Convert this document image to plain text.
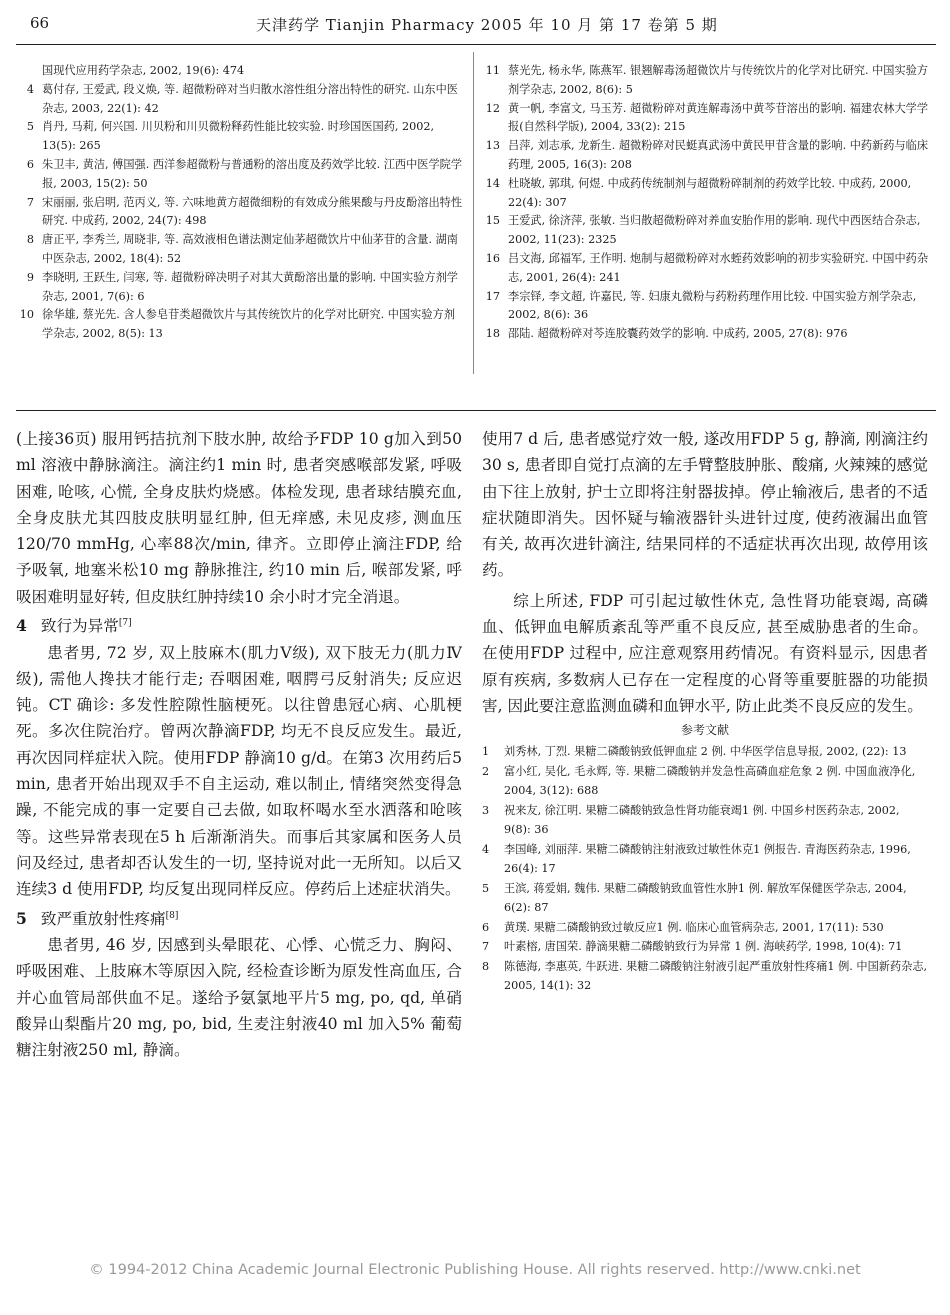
66	天津药学 Tianjin Pharmacy 2005 年 10 月 第 17 卷第 5 期
国现代应用药学杂志, 2002, 19(6): 474
4 葛付存, 王爱武, 段义焕, 等. 超微粉碎对当归散水溶性组分溶出特性的研究. 山东中医杂志, 2003, 22(1): 42
5 肖丹, 马莉, 何兴国. 川贝粉和川贝微粉释药性能比较实验. 时珍国医国药, 2002, 13(5): 265
6 朱卫丰, 黄洁, 傅国强. 西洋参超微粉与普通粉的溶出度及药效学比较. 江西中医学院学报, 2003, 15(2): 50
7 宋丽丽, 张启明, 范丙义, 等. 六味地黄方超微细粉的有效成分熊果酸与丹皮酚溶出特性研究. 中成药, 2002, 24(7): 498
8 唐正平, 李秀兰, 周晓非, 等. 高效液相色谱法测定仙茅超微饮片中仙茅苷的含量. 湖南中医杂志, 2002, 18(4): 52
9 李晓明, 王跃生, 闫寒, 等. 超微粉碎决明子对其大黄酚溶出量的影响. 中国实验方剂学杂志, 2001, 7(6): 6
10 徐华雄, 蔡光先. 含人参皂苷类超微饮片与其传统饮片的化学对比研究. 中国实验方剂学杂志, 2002, 8(5): 13
11 蔡光先, 杨永华, 陈燕军. 银翘解毒汤超微饮片与传统饮片的化学对比研究. 中国实验方剂学杂志, 2002, 8(6): 5
12 黄一帆, 李富文, 马玉芳. 超微粉碎对黄连解毒汤中黄芩苷溶出的影响. 福建农林大学学报(自然科学版), 2004, 33(2): 215
13 吕萍, 刘志承, 龙新生. 超微粉碎对民蜓真武汤中黄民甲苷含量的影响. 中药新药与临床药理, 2005, 16(3): 208
14 杜晓敏, 郭琪, 何煜. 中成药传统制剂与超微粉碎制剂的药效学比较. 中成药, 2000, 22(4): 307
15 王爱武, 徐济萍, 张敏. 当归散超微粉碎对养血安胎作用的影响. 现代中西医结合杂志, 2002, 11(23): 2325
16 吕文海, 邱福军, 王作明. 炮制与超微粉碎对水蛭药效影响的初步实验研究. 中国中药杂志, 2001, 26(4): 241
17 李宗铎, 李文超, 许嘉民, 等. 妇康丸微粉与药粉药理作用比较. 中国实验方剂学杂志, 2002, 8(6): 36
18 邵陆. 超微粉碎对芩连胶囊药效学的影响. 中成药, 2005, 27(8): 976

(上接36页) 服用钙拮抗剂下肢水肿, 故给予FDP 10 g加入到50 ml 溶液中静脉滴注。滴注约1 min 时, 患者突感喉部发紧, 呼吸困难, 呛咳, 心慌, 全身皮肤灼烧感。体检发现, 患者球结膜充血, 全身皮肤尤其四肢皮肤明显红肿, 但无痒感, 未见皮疹, 测血压120/70 mmHg, 心率88次/min, 律齐。立即停止滴注FDP, 给予吸氧, 地塞米松10 mg 静脉推注, 约10 min 后, 喉部发紧, 呼吸困难明显好转, 但皮肤红肿持续10 余小时才完全消退。

4 致行为异常[7]

患者男, 72 岁, 双上肢麻木(肌力Ⅴ级), 双下肢无力(肌力Ⅳ级), 需他人搀扶才能行走; 吞咽困难, 咽腭弓反射消失; 反应迟钝。CT 确诊: 多发性腔隙性脑梗死。以往曾患冠心病、心肌梗死。多次住院治疗。曾两次静滴FDP, 均无不良反应发生。最近, 再次因同样症状入院。使用FDP 静滴10 g/d。在第3 次用药后5 min, 患者开始出现双手不自主运动, 难以制止, 情绪突然变得急躁, 不能完成的事一定要自己去做, 如取杯喝水至水洒落和呛咳等。这些异常表现在5 h 后渐渐消失。而事后其家属和医务人员问及经过, 患者却否认发生的一切, 坚持说对此一无所知。以后又连续3 d 使用FDP, 均反复出现同样反应。停药后上述症状消失。

5 致严重放射性疼痛[8]

患者男, 46 岁, 因感到头晕眼花、心悸、心慌乏力、胸闷、呼吸困难、上肢麻木等原因入院, 经检查诊断为原发性高血压, 合并心血管局部供血不足。遂给予氨氯地平片5 mg, po, qd, 单硝酸异山梨酯片20 mg, po, bid, 生麦注射液40 ml 加入5% 葡萄糖注射液250 ml, 静滴。

使用7 d 后, 患者感觉疗效一般, 遂改用FDP 5 g, 静滴, 刚滴注约30 s, 患者即自觉打点滴的左手臂整肢肿胀、酸痛, 火辣辣的感觉由下往上放射, 护士立即将注射器拔掉。停止输液后, 患者的不适症状随即消失。因怀疑与输液器针头进针过度, 使药液漏出血管有关, 故再次进针滴注, 结果同样的不适症状再次出现, 故停用该药。

综上所述, FDP 可引起过敏性休克, 急性肾功能衰竭, 高磷血、低钾血电解质紊乱等严重不良反应, 甚至威胁患者的生命。在使用FDP 过程中, 应注意观察用药情况。有资料显示, 因患者原有疾病, 多数病人已存在一定程度的心肾等重要脏器的功能损害, 因此要注意监测血磷和血钾水平, 防止此类不良反应的发生。

参考文献
1 刘秀林, 丁烈. 果糖二磷酸钠致低钾血症 2 例. 中华医学信息导报, 2002, (22): 13
2 富小红, 吴化, 毛永辉, 等. 果糖二磷酸钠并发急性高磷血症危象 2 例. 中国血液净化, 2004, 3(12): 688
3 祝来友, 徐江明. 果糖二磷酸钠致急性肾功能衰竭1 例. 中国乡村医药杂志, 2002, 9(8): 36
4 李国峰, 刘丽萍. 果糖二磷酸钠注射液致过敏性休克1 例报告. 青海医药杂志, 1996, 26(4): 17
5 王滨, 蒋爱娟, 魏伟. 果糖二磷酸钠致血管性水肿1 例. 解放军保健医学杂志, 2004, 6(2): 87
6 黄璞. 果糖二磷酸钠致过敏反应1 例. 临床心血管病杂志, 2001, 17(11): 530
7 叶素榕, 唐国荣. 静滴果糖二磷酸钠致行为异常 1 例. 海峡药学, 1998, 10(4): 71
8 陈德海, 李惠英, 牛跃进. 果糖二磷酸钠注射液引起严重放射性疼痛1 例. 中国新药杂志, 2005, 14(1): 32
© 1994-2012 China Academic Journal Electronic Publishing House. All rights reserved. http://www.cnki.net
